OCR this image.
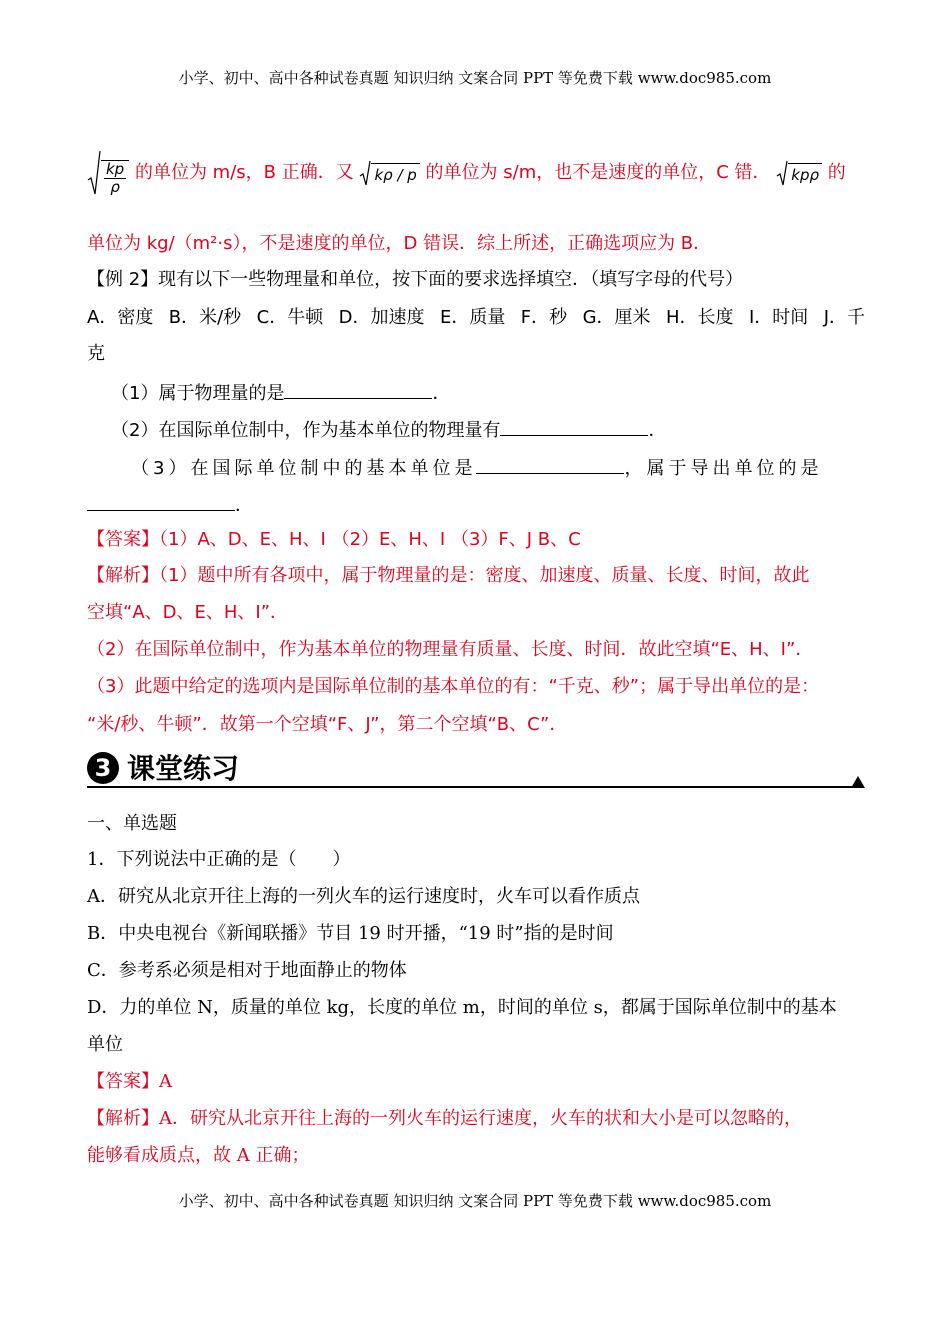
小学、初中、高中各种试卷真题 知识归纳 文案合同 PPT 等免费下载 www.doc985.com
$\frac{kp}{\rho}$ 的单位为 m/s，B 正确．又 kρ / p 的单位为 s/m，也不是速度的单位，C 错． kpρ 的
单位为 kg/（m²·s），不是速度的单位，D 错误．综上所述，正确选项应为 B．
【例 2】现有以下一些物理量和单位，按下面的要求选择填空．（填写字母的代号）
A．密度 B．米/秒 C．牛顿 D．加速度 E．质量 F．秒 G．厘米 H．长度 I．时间 J．千
克
（1）属于物理量的是	．
（2）在国际单位制中，作为基本单位的物理量有	．
（3）在国际单位制中的基本单位是	，属于导出单位的是
．
【答案】（1）A、D、E、H、I （2）E、H、I （3）F、J B、C
【解析】（1）题中所有各项中，属于物理量的是：密度、加速度、质量、长度、时间，故此
空填“A、D、E、H、I”．
（2）在国际单位制中，作为基本单位的物理量有质量、长度、时间．故此空填“E、H、I”．
（3）此题中给定的选项内是国际单位制的基本单位的有：“千克、秒”；属于导出单位的是：
“米/秒、牛顿”．故第一个空填“F、J”，第二个空填“B、C”．
3 课堂练习
一、单选题
1．下列说法中正确的是（　　）
A．研究从北京开往上海的一列火车的运行速度时，火车可以看作质点
B．中央电视台《新闻联播》节目 19 时开播，“19 时”指的是时间
C．参考系必须是相对于地面静止的物体
D．力的单位 N，质量的单位 kg，长度的单位 m，时间的单位 s，都属于国际单位制中的基本
单位
【答案】A
【解析】A．研究从北京开往上海的一列火车的运行速度，火车的状和大小是可以忽略的，
能够看成质点，故 A 正确；
小学、初中、高中各种试卷真题 知识归纳 文案合同 PPT 等免费下载 www.doc985.com
